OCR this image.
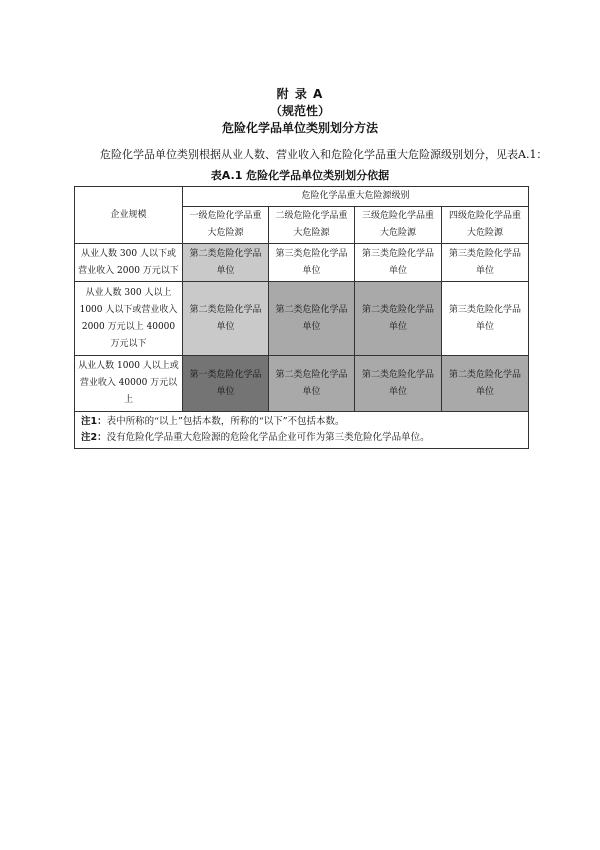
附 录 A
（规范性）
危险化学品单位类别划分方法
危险化学品单位类别根据从业人数、营业收入和危险化学品重大危险源级别划分，见表A.1：
表A.1 危险化学品单位类别划分依据
企业规模	危险化学品重大危险源级别			
	一级危险化学品重大危险源	二级危险化学品重大危险源	三级危险化学品重大危险源	四级危险化学品重大危险源
从业人数 300 人以下或营业收入 2000 万元以下	第二类危险化学品单位	第三类危险化学品单位	第三类危险化学品单位	第三类危险化学品单位
从业人数 300 人以上 1000 人以下或营业收入 2000 万元以上 40000 万元以下	第二类危险化学品单位	第二类危险化学品单位	第二类危险化学品单位	第三类危险化学品单位
从业人数 1000 人以上或营业收入 40000 万元以上	第一类危险化学品单位	第二类危险化学品单位	第二类危险化学品单位	第二类危险化学品单位

注1：表中所称的“以上”包括本数，所称的“以下”不包括本数。
注2：没有危险化学品重大危险源的危险化学品企业可作为第三类危险化学品单位。				
